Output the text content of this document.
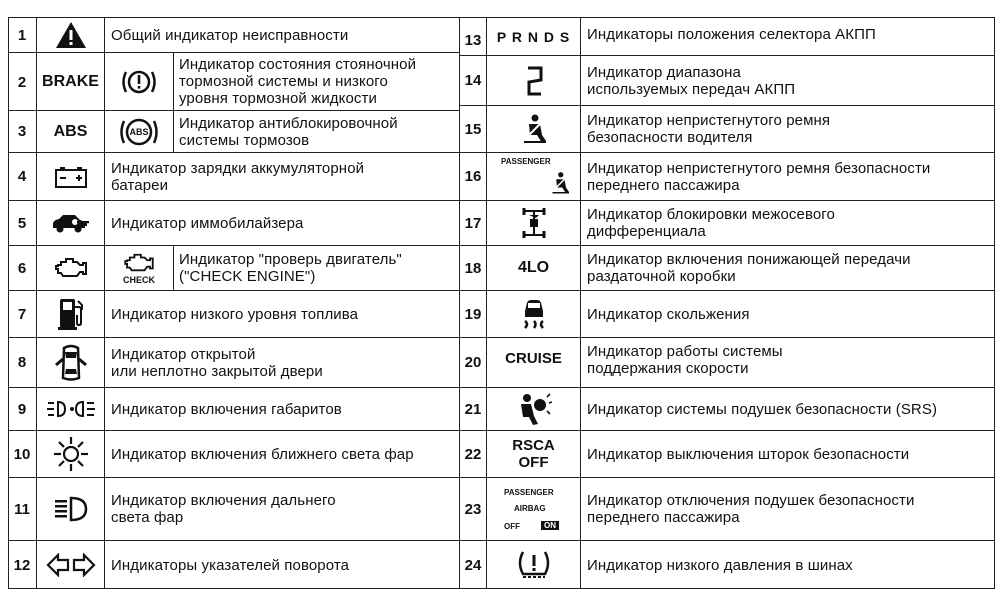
1
2
3
4
5
6
7
8
9
10
11
12
13
14
15
16
17
18
19
20
21
22
23
24
BRAKE
ABS	ABS
CHECK
P R N D S
PASSENGER
4LO
CRUISE
RSCA
OFF
PASSENGER
AIRBAG
OFF	ON
Общий индикатор неисправности
Индикатор состояния стояночной
тормозной системы и низкого
уровня тормозной жидкости
Индикатор антиблокировочной
системы тормозов
Индикатор зарядки аккумуляторной
батареи
Индикатор иммобилайзера
Индикатор "проверь двигатель"
("CHECK ENGINE")
Индикатор низкого уровня топлива
Индикатор открытой
или неплотно закрытой двери
Индикатор включения габаритов
Индикатор включения ближнего света фар
Индикатор включения дальнего
света фар
Индикаторы указателей поворота
Индикаторы положения селектора АКПП
Индикатор диапазона
используемых передач АКПП
Индикатор непристегнутого ремня
безопасности водителя
Индикатор непристегнутого ремня безопасности
переднего пассажира
Индикатор блокировки межосевого
дифференциала
Индикатор включения понижающей передачи
раздаточной коробки
Индикатор скольжения
Индикатор работы системы
поддержания скорости
Индикатор системы подушек безопасности (SRS)
Индикатор выключения шторок безопасности
Индикатор отключения подушек безопасности
переднего пассажира
Индикатор низкого давления в шинах
